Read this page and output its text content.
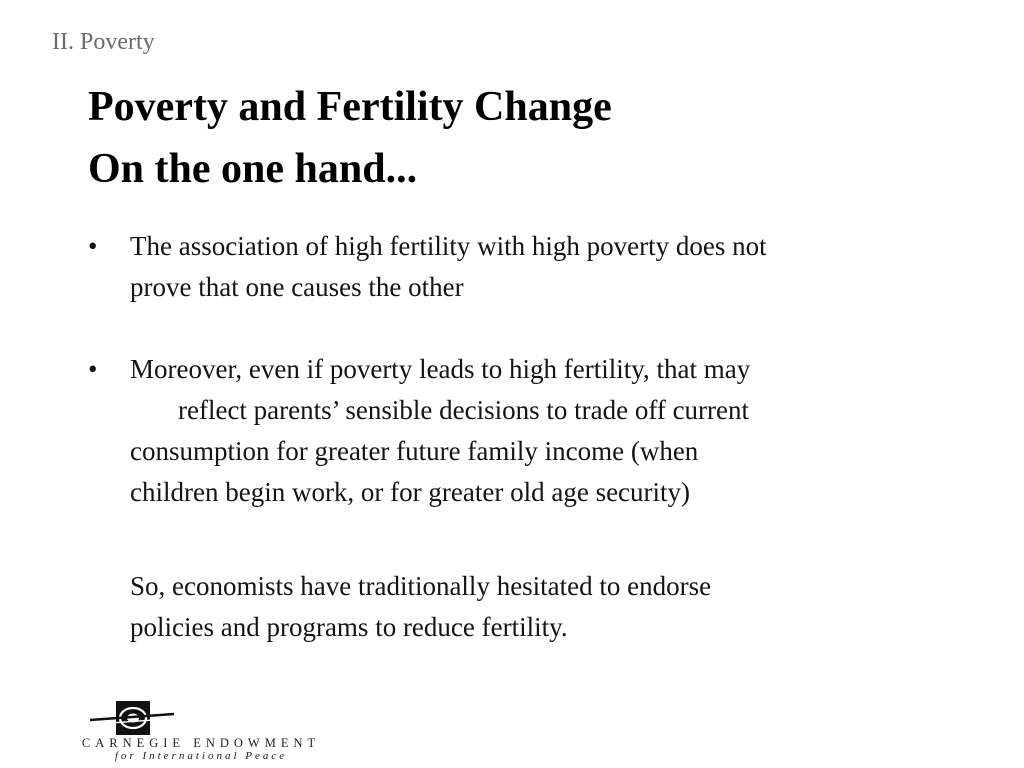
II. Poverty
Poverty and Fertility Change
On the one hand...
• The association of high fertility with high poverty does not
prove that one causes the other
• Moreover, even if poverty leads to high fertility, that may
reflect parents’ sensible decisions to trade off current
consumption for greater future family income (when
children begin work, or for greater old age security)
So, economists have traditionally hesitated to endorse
policies and programs to reduce fertility.
CARNEGIE ENDOWMENT
for International Peace
